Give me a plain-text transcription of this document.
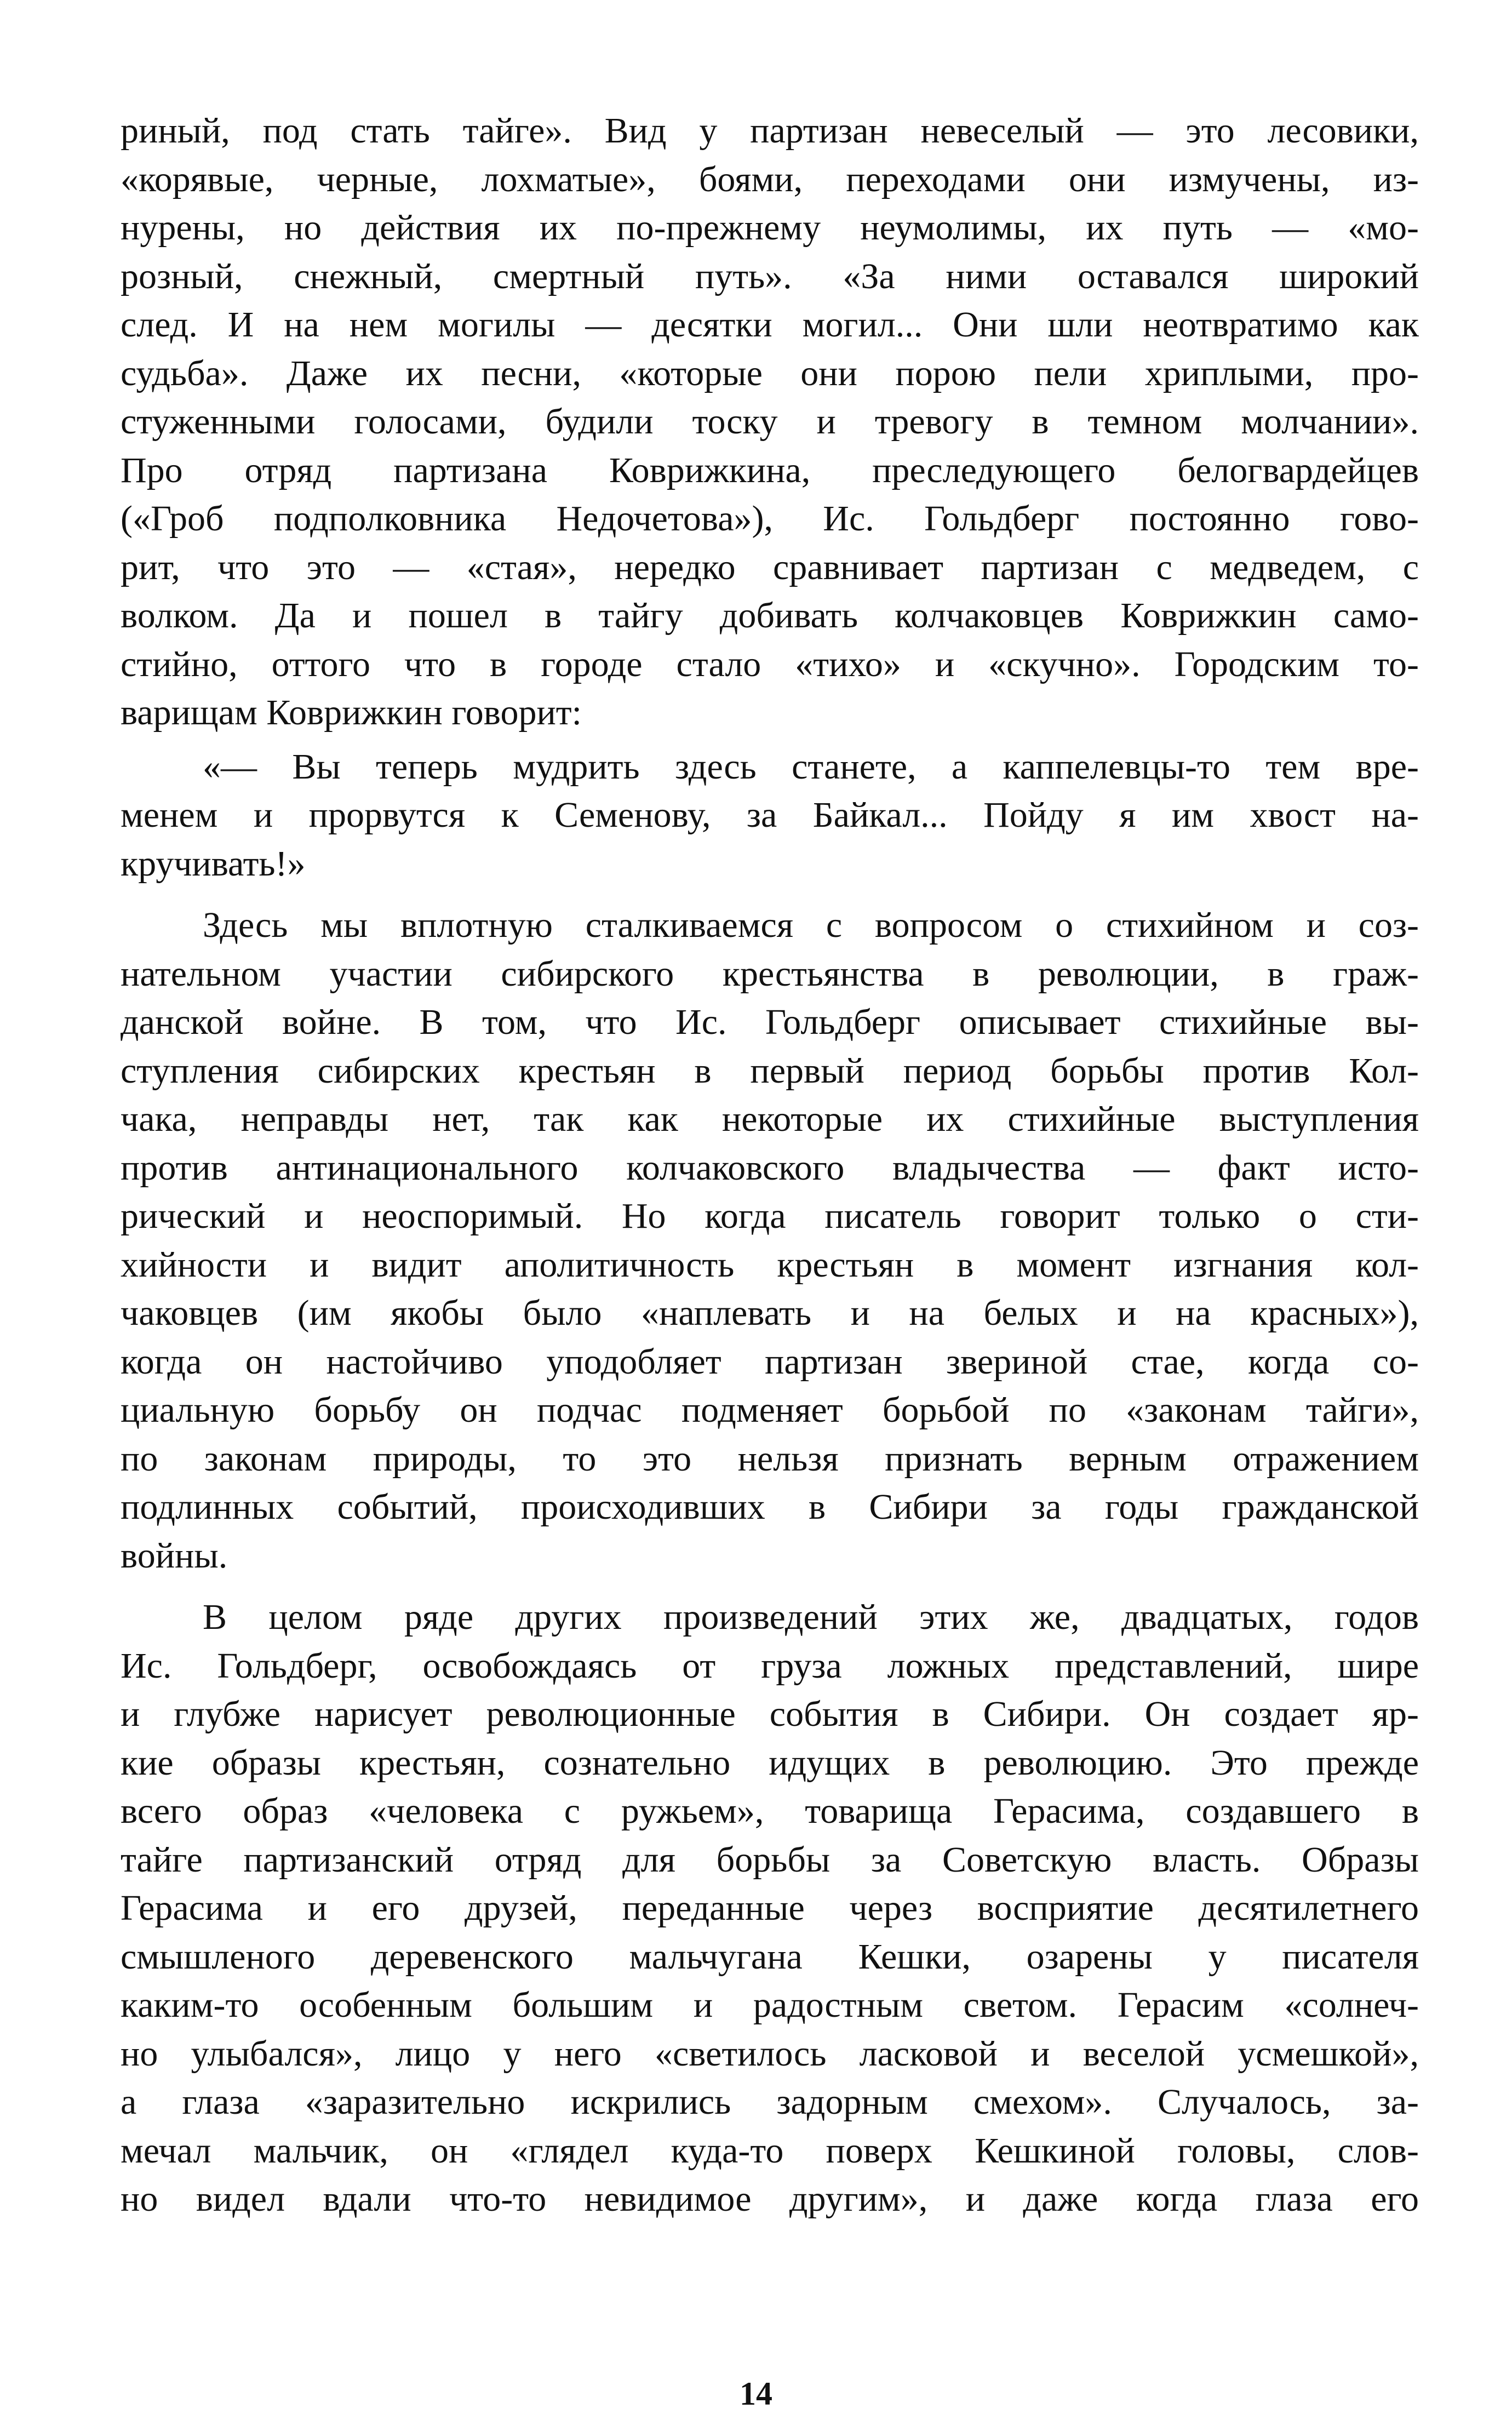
риный, под стать тайге». Вид у партизан невеселый — это лесовики,
«корявые, черные, лохматые», боями, переходами они измучены, из-
нурены, но действия их по-прежнему неумолимы, их путь — «мо-
розный, снежный, смертный путь». «За ними оставался широкий
след. И на нем могилы — десятки могил... Они шли неотвратимо как
судьба». Даже их песни, «которые они порою пели хриплыми, про-
стуженными голосами, будили тоску и тревогу в темном молчании».
Про отряд партизана Коврижкина, преследующего белогвардейцев
(«Гроб подполковника Недочетова»), Ис. Гольдберг постоянно гово-
рит, что это — «стая», нередко сравнивает партизан с медведем, с
волком. Да и пошел в тайгу добивать колчаковцев Коврижкин само-
стийно, оттого что в городе стало «тихо» и «скучно». Городским то-
варищам Коврижкин говорит:
«— Вы теперь мудрить здесь станете, а каппелевцы-то тем вре-
менем и прорвутся к Семенову, за Байкал... Пойду я им хвост на-
кручивать!»
Здесь мы вплотную сталкиваемся с вопросом о стихийном и соз-
нательном участии сибирского крестьянства в революции, в граж-
данской войне. В том, что Ис. Гольдберг описывает стихийные вы-
ступления сибирских крестьян в первый период борьбы против Кол-
чака, неправды нет, так как некоторые их стихийные выступления
против антинационального колчаковского владычества — факт исто-
рический и неоспоримый. Но когда писатель говорит только о сти-
хийности и видит аполитичность крестьян в момент изгнания кол-
чаковцев (им якобы было «наплевать и на белых и на красных»),
когда он настойчиво уподобляет партизан звериной стае, когда со-
циальную борьбу он подчас подменяет борьбой по «законам тайги»,
по законам природы, то это нельзя признать верным отражением
подлинных событий, происходивших в Сибири за годы гражданской
войны.
В целом ряде других произведений этих же, двадцатых, годов
Ис. Гольдберг, освобождаясь от груза ложных представлений, шире
и глубже нарисует революционные события в Сибири. Он создает яр-
кие образы крестьян, сознательно идущих в революцию. Это прежде
всего образ «человека с ружьем», товарища Герасима, создавшего в
тайге партизанский отряд для борьбы за Советскую власть. Образы
Герасима и его друзей, переданные через восприятие десятилетнего
смышленого деревенского мальчугана Кешки, озарены у писателя
каким-то особенным большим и радостным светом. Герасим «солнеч-
но улыбался», лицо у него «светилось ласковой и веселой усмешкой»,
а глаза «заразительно искрились задорным смехом». Случалось, за-
мечал мальчик, он «глядел куда-то поверх Кешкиной головы, слов-
но видел вдали что-то невидимое другим», и даже когда глаза его
14
